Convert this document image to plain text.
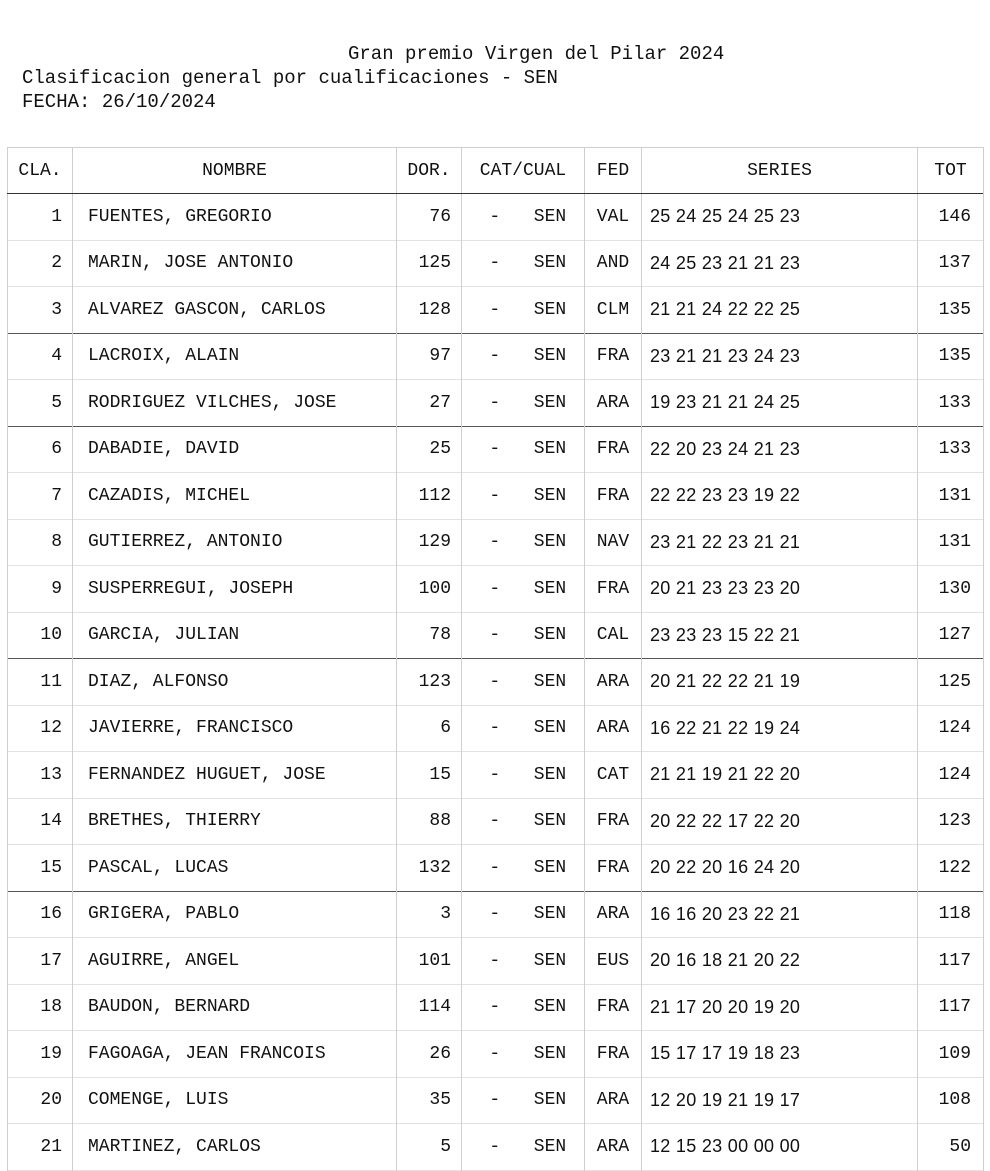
Gran premio Virgen del Pilar 2024
Clasificacion general por cualificaciones - SEN
FECHA: 26/10/2024
CLA.	NOMBRE	DOR.	CAT/CUAL	FED	SERIES	TOT
1	FUENTES, GREGORIO	76	- SEN	VAL	25 24 25 24 25 23	146
2	MARIN, JOSE ANTONIO	125	- SEN	AND	24 25 23 21 21 23	137
3	ALVAREZ GASCON, CARLOS	128	- SEN	CLM	21 21 24 22 22 25	135
4	LACROIX, ALAIN	97	- SEN	FRA	23 21 21 23 24 23	135
5	RODRIGUEZ VILCHES, JOSE	27	- SEN	ARA	19 23 21 21 24 25	133
6	DABADIE, DAVID	25	- SEN	FRA	22 20 23 24 21 23	133
7	CAZADIS, MICHEL	112	- SEN	FRA	22 22 23 23 19 22	131
8	GUTIERREZ, ANTONIO	129	- SEN	NAV	23 21 22 23 21 21	131
9	SUSPERREGUI, JOSEPH	100	- SEN	FRA	20 21 23 23 23 20	130
10	GARCIA, JULIAN	78	- SEN	CAL	23 23 23 15 22 21	127
11	DIAZ, ALFONSO	123	- SEN	ARA	20 21 22 22 21 19	125
12	JAVIERRE, FRANCISCO	6	- SEN	ARA	16 22 21 22 19 24	124
13	FERNANDEZ HUGUET, JOSE	15	- SEN	CAT	21 21 19 21 22 20	124
14	BRETHES, THIERRY	88	- SEN	FRA	20 22 22 17 22 20	123
15	PASCAL, LUCAS	132	- SEN	FRA	20 22 20 16 24 20	122
16	GRIGERA, PABLO	3	- SEN	ARA	16 16 20 23 22 21	118
17	AGUIRRE, ANGEL	101	- SEN	EUS	20 16 18 21 20 22	117
18	BAUDON, BERNARD	114	- SEN	FRA	21 17 20 20 19 20	117
19	FAGOAGA, JEAN FRANCOIS	26	- SEN	FRA	15 17 17 19 18 23	109
20	COMENGE, LUIS	35	- SEN	ARA	12 20 19 21 19 17	108
21	MARTINEZ, CARLOS	5	- SEN	ARA	12 15 23 00 00 00	50
